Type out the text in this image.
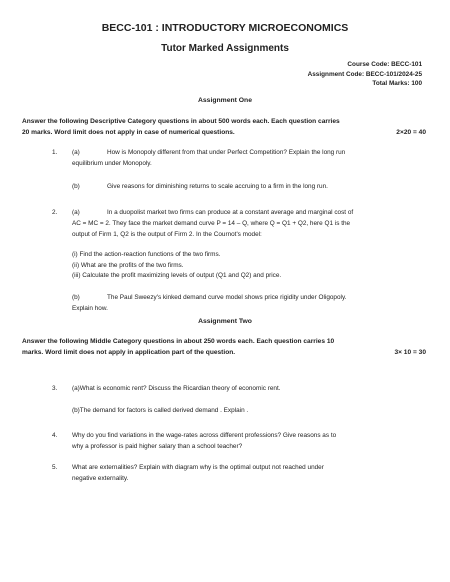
BECC-101 : INTRODUCTORY MICROECONOMICS
Tutor Marked Assignments
Course Code: BECC-101
Assignment Code: BECC-101/2024-25
Total Marks: 100
Assignment One
Answer the following Descriptive Category questions in about 500 words each. Each question carries
20 marks. Word limit does not apply in case of numerical questions.	2×20 = 40
1. (a)	How is Monopoly different from that under Perfect Competition? Explain the long run
equilibrium under Monopoly.
(b)	Give reasons for diminishing returns to scale accruing to a firm in the long run.
2. (a)	In a duopolist market two firms can produce at a constant average and marginal cost of
AC = MC = 2. They face the market demand curve P = 14 – Q, where Q = Q1 + Q2, here Q1 is the
output of Firm 1, Q2 is the output of Firm 2. In the Cournot's model:
(i) Find the action-reaction functions of the two firms.
(ii) What are the profits of the two firms.
(iii) Calculate the profit maximizing levels of output (Q1 and Q2) and price.
(b)	The Paul Sweezy's kinked demand curve model shows price rigidity under Oligopoly.
Explain how.
Assignment Two
Answer the following Middle Category questions in about 250 words each. Each question carries 10
marks. Word limit does not apply in application part of the question.	3× 10 = 30
3. (a)What is economic rent? Discuss the Ricardian theory of economic rent.
(b)The demand for factors is called derived demand . Explain .
4. Why do you find variations in the wage-rates across different professions? Give reasons as to
why a professor is paid higher salary than a school teacher?
5. What are externalities? Explain with diagram why is the optimal output not reached under
negative externality.
